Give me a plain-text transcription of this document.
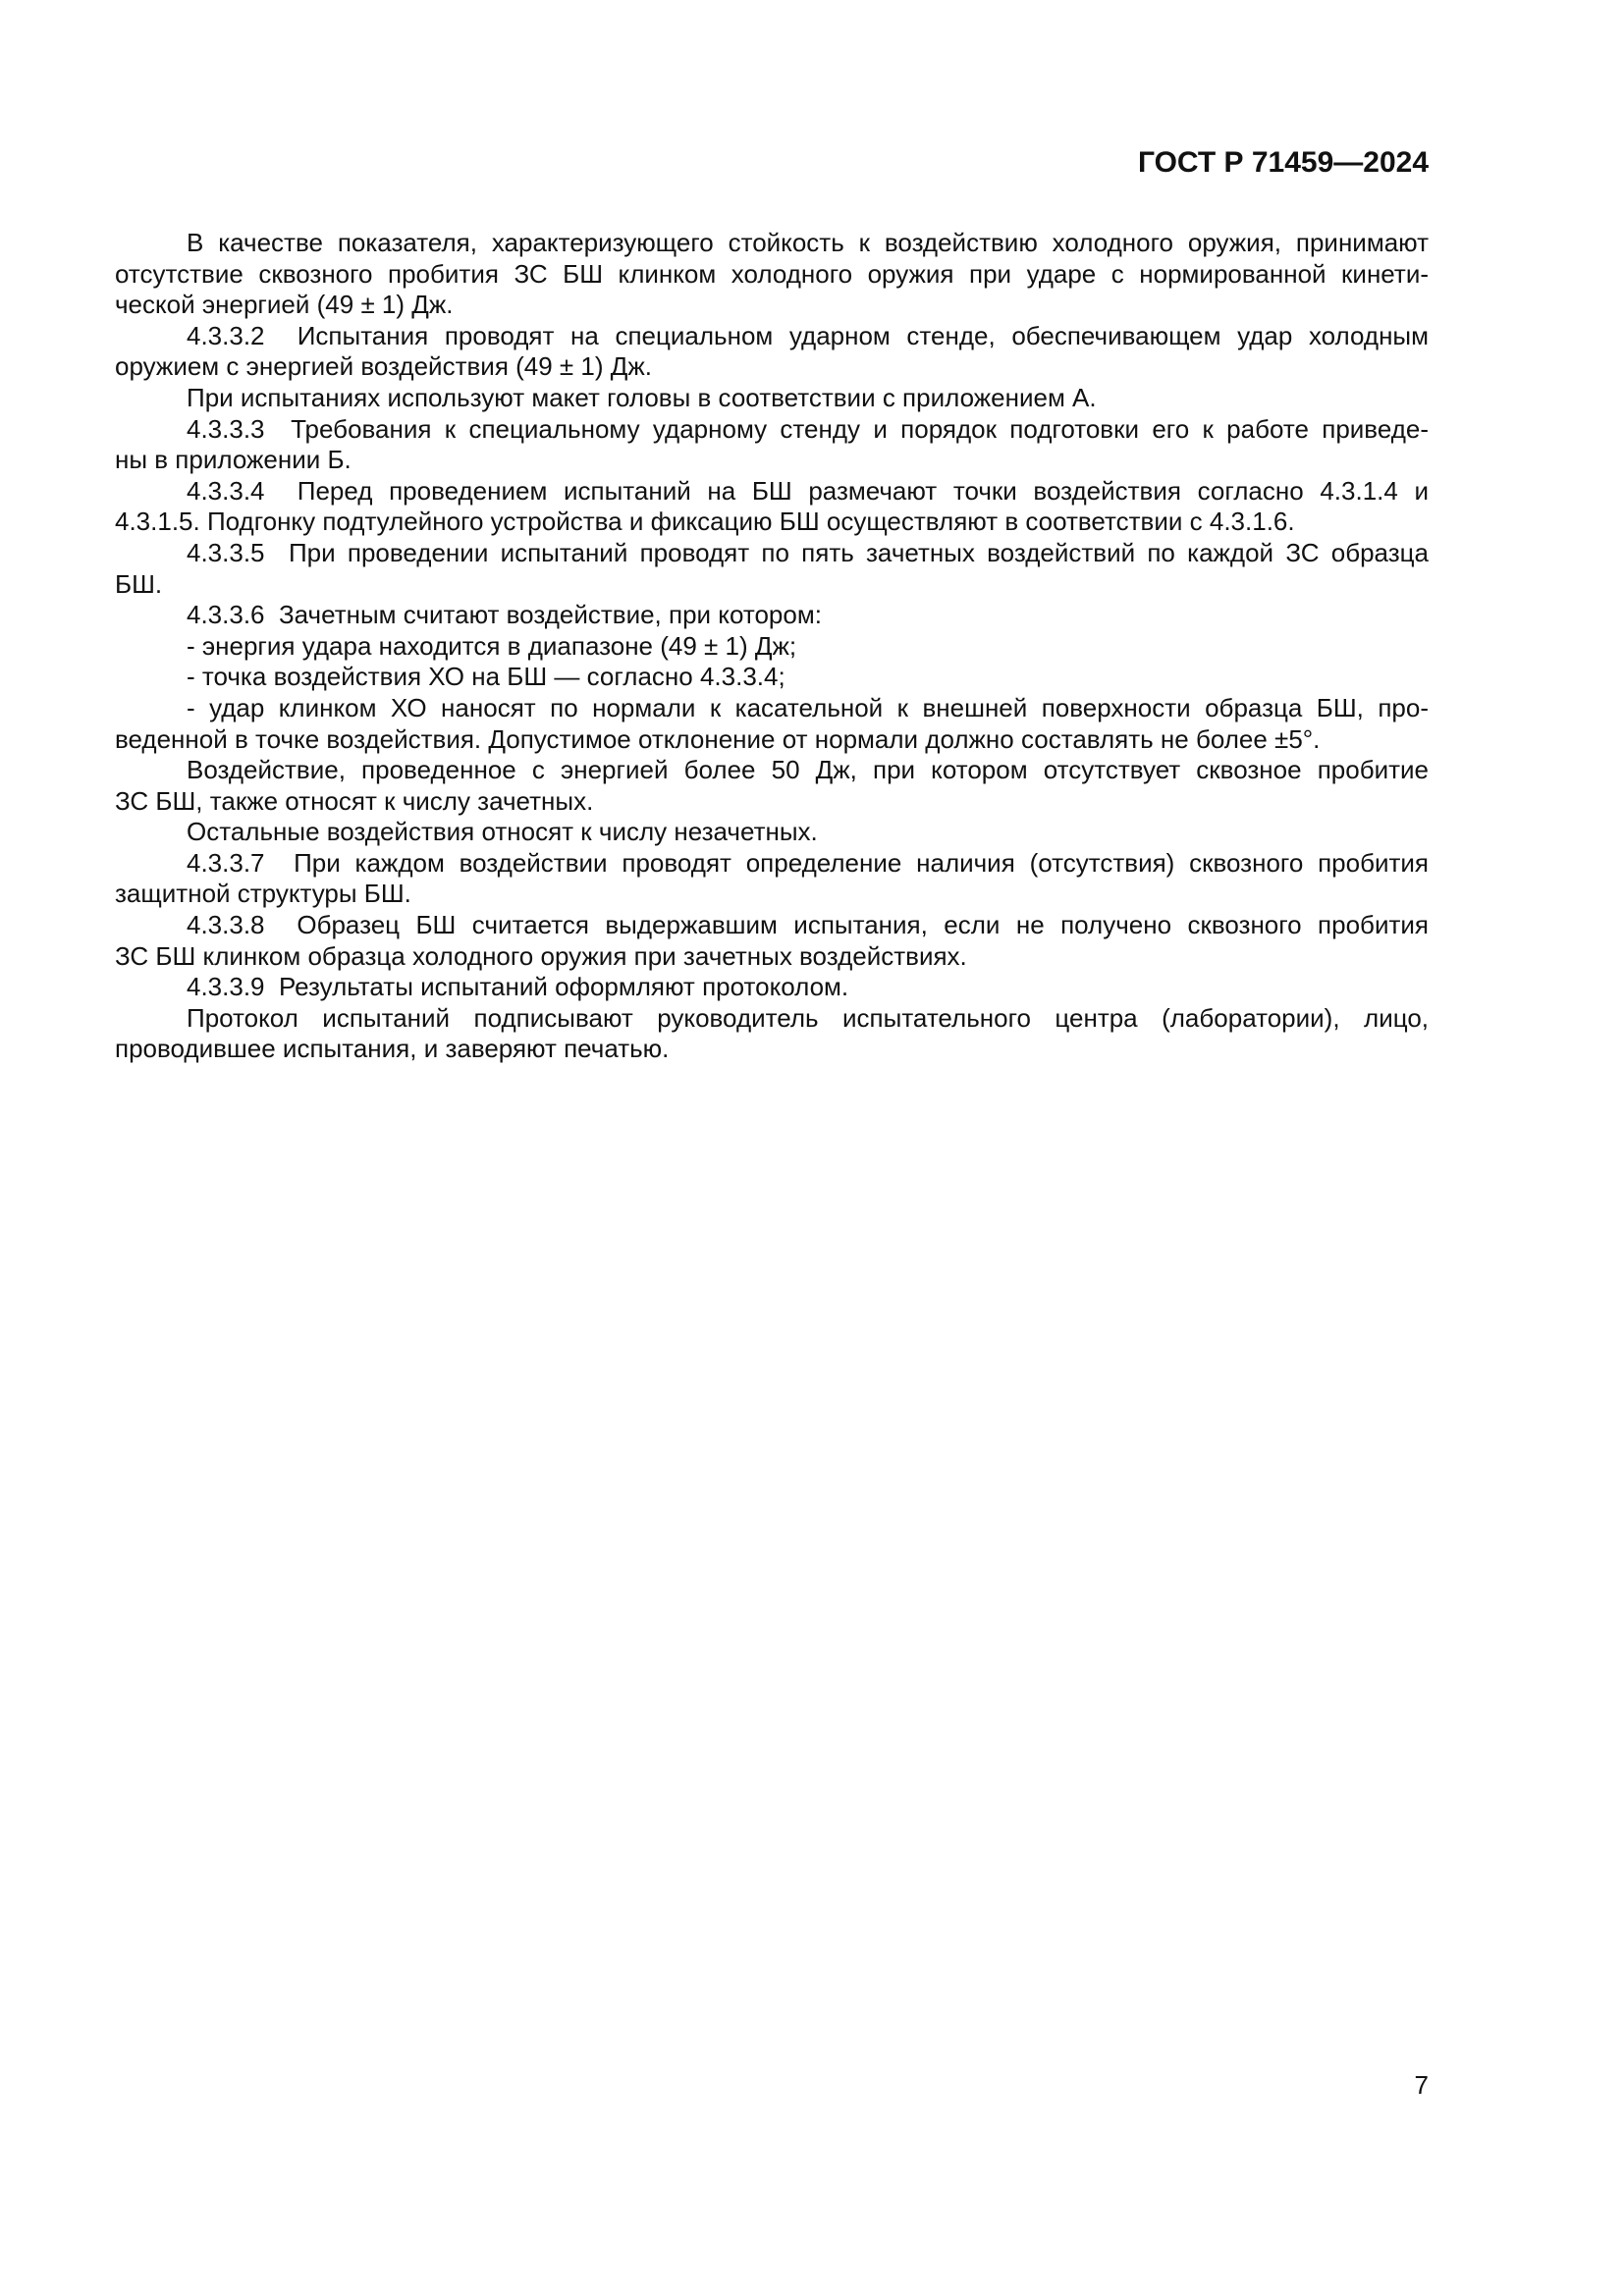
ГОСТ Р 71459—2024
В качестве показателя, характеризующего стойкость к воздействию холодного оружия, принимают
отсутствие сквозного пробития ЗС БШ клинком холодного оружия при ударе с нормированной кинети-
ческой энергией (49 ± 1) Дж.
4.3.3.2  Испытания проводят на специальном ударном стенде, обеспечивающем удар холодным
оружием с энергией воздействия (49 ± 1) Дж.
При испытаниях используют макет головы в соответствии с приложением А.
4.3.3.3  Требования к специальному ударному стенду и порядок подготовки его к работе приведе-
ны в приложении Б.
4.3.3.4  Перед проведением испытаний на БШ размечают точки воздействия согласно 4.3.1.4 и
4.3.1.5. Подгонку подтулейного устройства и фиксацию БШ осуществляют в соответствии с 4.3.1.6.
4.3.3.5  При проведении испытаний проводят по пять зачетных воздействий по каждой ЗС образца
БШ.
4.3.3.6  Зачетным считают воздействие, при котором:
- энергия удара находится в диапазоне (49 ± 1) Дж;
- точка воздействия ХО на БШ — согласно 4.3.3.4;
- удар клинком ХО наносят по нормали к касательной к внешней поверхности образца БШ, про-
веденной в точке воздействия. Допустимое отклонение от нормали должно составлять не более ±5°.
Воздействие, проведенное с энергией более 50 Дж, при котором отсутствует сквозное пробитие
ЗС БШ, также относят к числу зачетных.
Остальные воздействия относят к числу незачетных.
4.3.3.7  При каждом воздействии проводят определение наличия (отсутствия) сквозного пробития
защитной структуры БШ.
4.3.3.8  Образец БШ считается выдержавшим испытания, если не получено сквозного пробития
ЗС БШ клинком образца холодного оружия при зачетных воздействиях.
4.3.3.9  Результаты испытаний оформляют протоколом.
Протокол испытаний подписывают руководитель испытательного центра (лаборатории), лицо,
проводившее испытания, и заверяют печатью.
7
